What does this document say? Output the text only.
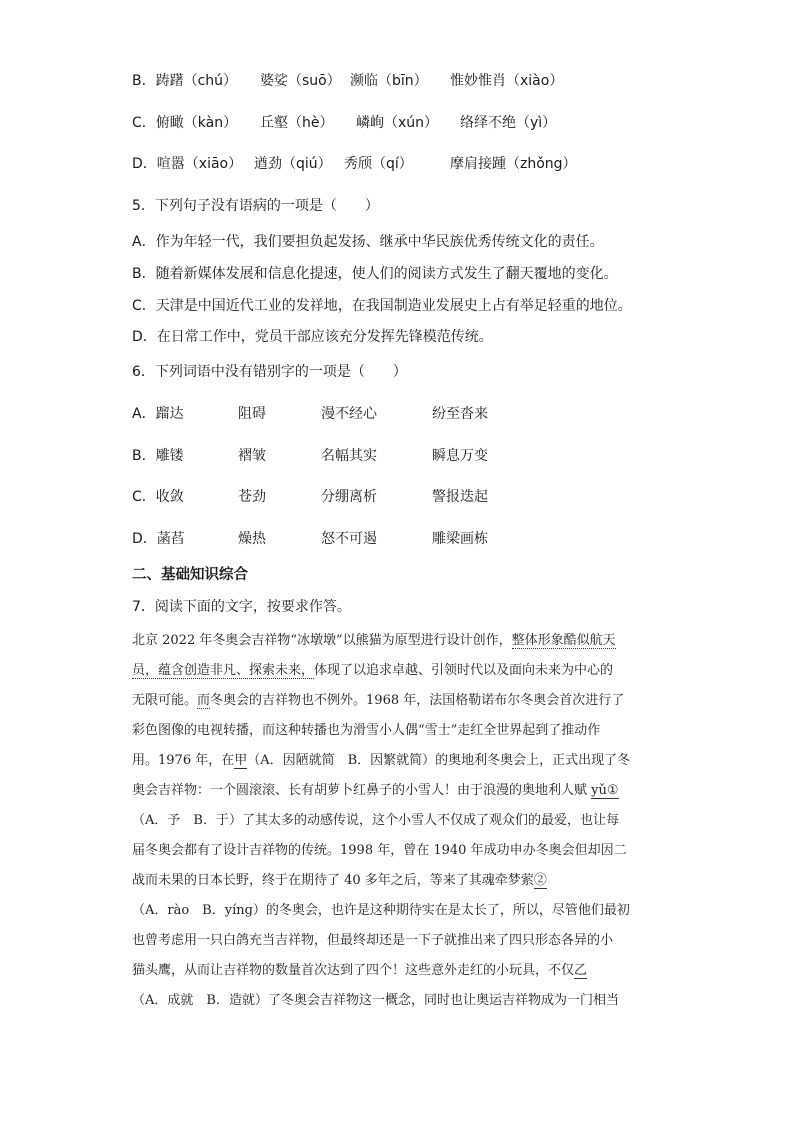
B．踌躇（chú） 婆娑（suō） 濒临（bīn） 惟妙惟肖（xiào）
C．俯瞰（kàn） 丘壑（hè） 嶙峋（xún） 络绎不绝（yì）
D．喧嚣（xiāo） 遒劲（qiú） 秀颀（qí）	摩肩接踵（zhǒng）
5．下列句子没有语病的一项是（　　）
A．作为年轻一代，我们要担负起发扬、继承中华民族优秀传统文化的责任。
B．随着新媒体发展和信息化提速，使人们的阅读方式发生了翻天覆地的变化。
C．天津是中国近代工业的发祥地，在我国制造业发展史上占有举足轻重的地位。
D．在日常工作中，党员干部应该充分发挥先锋模范传统。
6．下列词语中没有错别字的一项是（　　）
A．蹓达	阻碍	漫不经心	纷至沓来
B．雕镂	褶皱	名幅其实	瞬息万变
C．收敛	苍劲	分绷离析	警报迭起
D．菡萏	燥热	怒不可遏	雕梁画栋
二、基础知识综合
7．阅读下面的文字，按要求作答。
北京 2022 年冬奥会吉祥物“冰墩墩”以熊猫为原型进行设计创作，整体形象酷似航天
员，蕴含创造非凡、探索未来，体现了以追求卓越、引领时代以及面向未来为中心的
无限可能。而冬奥会的吉祥物也不例外。1968 年，法国格勒诺布尔冬奥会首次进行了
彩色图像的电视转播，而这种转播也为滑雪小人偶“雪士”走红全世界起到了推动作
用。1976 年，在甲（A．因陋就简　B．因繁就简）的奥地利冬奥会上，正式出现了冬
奥会吉祥物：一个圆滚滚、长有胡萝卜红鼻子的小雪人！由于浪漫的奥地利人赋 yǔ①
（A．予　B．于）了其太多的动感传说，这个小雪人不仅成了观众们的最爱，也让每
届冬奥会都有了设计吉祥物的传统。1998 年，曾在 1940 年成功申办冬奥会但却因二
战而未果的日本长野，终于在期待了 40 多年之后，等来了其魂牵梦萦②
（A．rào　B．yíng）的冬奥会，也许是这种期待实在是太长了，所以，尽管他们最初
也曾考虑用一只白鸽充当吉祥物，但最终却还是一下子就推出来了四只形态各异的小
猫头鹰，从而让吉祥物的数量首次达到了四个！这些意外走红的小玩具，不仅乙
（A．成就　B．造就）了冬奥会吉祥物这一概念，同时也让奥运吉祥物成为一门相当
